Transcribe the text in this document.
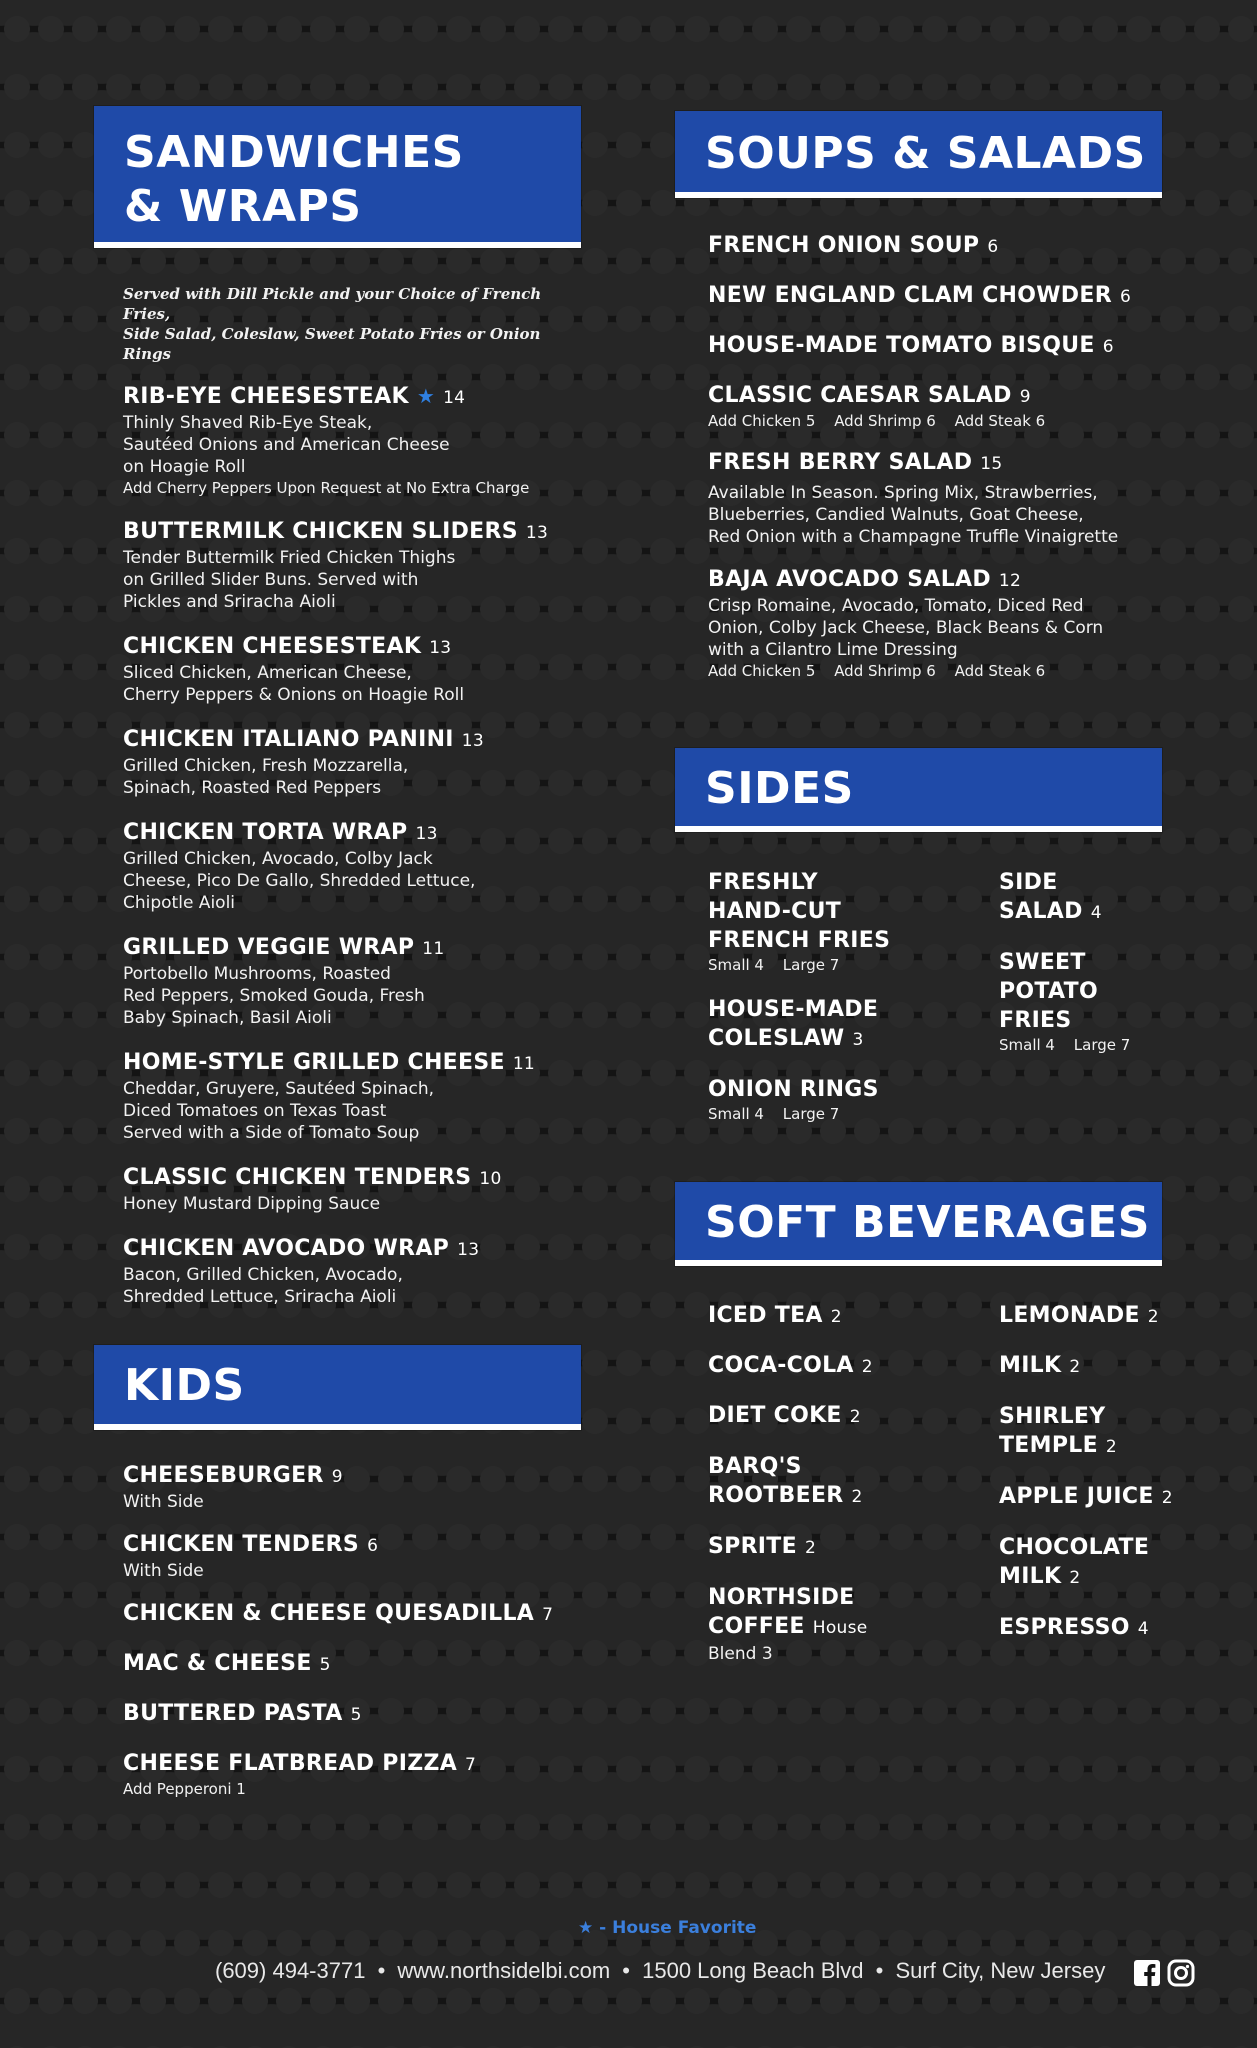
SANDWICHES
& WRAPS
Served with Dill Pickle and your Choice of French Fries,
Side Salad, Coleslaw, Sweet Potato Fries or Onion Rings
RIB-EYE CHEESESTEAK ★ 14
Thinly Shaved Rib-Eye Steak,
Sautéed Onions and American Cheese
on Hoagie Roll
Add Cherry Peppers Upon Request at No Extra Charge
BUTTERMILK CHICKEN SLIDERS 13
Tender Buttermilk Fried Chicken Thighs
on Grilled Slider Buns. Served with
Pickles and Sriracha Aioli
CHICKEN CHEESESTEAK 13
Sliced Chicken, American Cheese,
Cherry Peppers & Onions on Hoagie Roll
CHICKEN ITALIANO PANINI 13
Grilled Chicken, Fresh Mozzarella,
Spinach, Roasted Red Peppers
CHICKEN TORTA WRAP 13
Grilled Chicken, Avocado, Colby Jack
Cheese, Pico De Gallo, Shredded Lettuce,
Chipotle Aioli
GRILLED VEGGIE WRAP 11
Portobello Mushrooms, Roasted
Red Peppers, Smoked Gouda, Fresh
Baby Spinach, Basil Aioli
HOME-STYLE GRILLED CHEESE 11
Cheddar, Gruyere, Sautéed Spinach,
Diced Tomatoes on Texas Toast
Served with a Side of Tomato Soup
CLASSIC CHICKEN TENDERS 10
Honey Mustard Dipping Sauce
CHICKEN AVOCADO WRAP 13
Bacon, Grilled Chicken, Avocado,
Shredded Lettuce, Sriracha Aioli
KIDS
CHEESEBURGER 9
With Side
CHICKEN TENDERS 6
With Side
CHICKEN & CHEESE QUESADILLA 7
MAC & CHEESE 5
BUTTERED PASTA 5
CHEESE FLATBREAD PIZZA 7
Add Pepperoni 1
SOUPS & SALADS
FRENCH ONION SOUP 6
NEW ENGLAND CLAM CHOWDER 6
HOUSE-MADE TOMATO BISQUE 6
CLASSIC CAESAR SALAD 9
Add Chicken 5 Add Shrimp 6 Add Steak 6
FRESH BERRY SALAD 15
Available In Season. Spring Mix, Strawberries,
Blueberries, Candied Walnuts, Goat Cheese,
Red Onion with a Champagne Truffle Vinaigrette
BAJA AVOCADO SALAD 12
Crisp Romaine, Avocado, Tomato, Diced Red
Onion, Colby Jack Cheese, Black Beans & Corn
with a Cilantro Lime Dressing
Add Chicken 5 Add Shrimp 6 Add Steak 6
SIDES
FRESHLY
HAND-CUT
FRENCH FRIES
Small 4 Large 7
HOUSE-MADE
COLESLAW 3
ONION RINGS
Small 4 Large 7
SIDE
SALAD 4
SWEET
POTATO
FRIES
Small 4 Large 7
SOFT BEVERAGES
ICED TEA 2
COCA-COLA 2
DIET COKE 2
BARQ'S
ROOTBEER 2
SPRITE 2
NORTHSIDE
COFFEE House
Blend 3
LEMONADE 2
MILK 2
SHIRLEY
TEMPLE 2
APPLE JUICE 2
CHOCOLATE
MILK 2
ESPRESSO 4
★ - House Favorite
(609) 494-3771 • www.northsidelbi.com • 1500 Long Beach Blvd • Surf City, New Jersey
